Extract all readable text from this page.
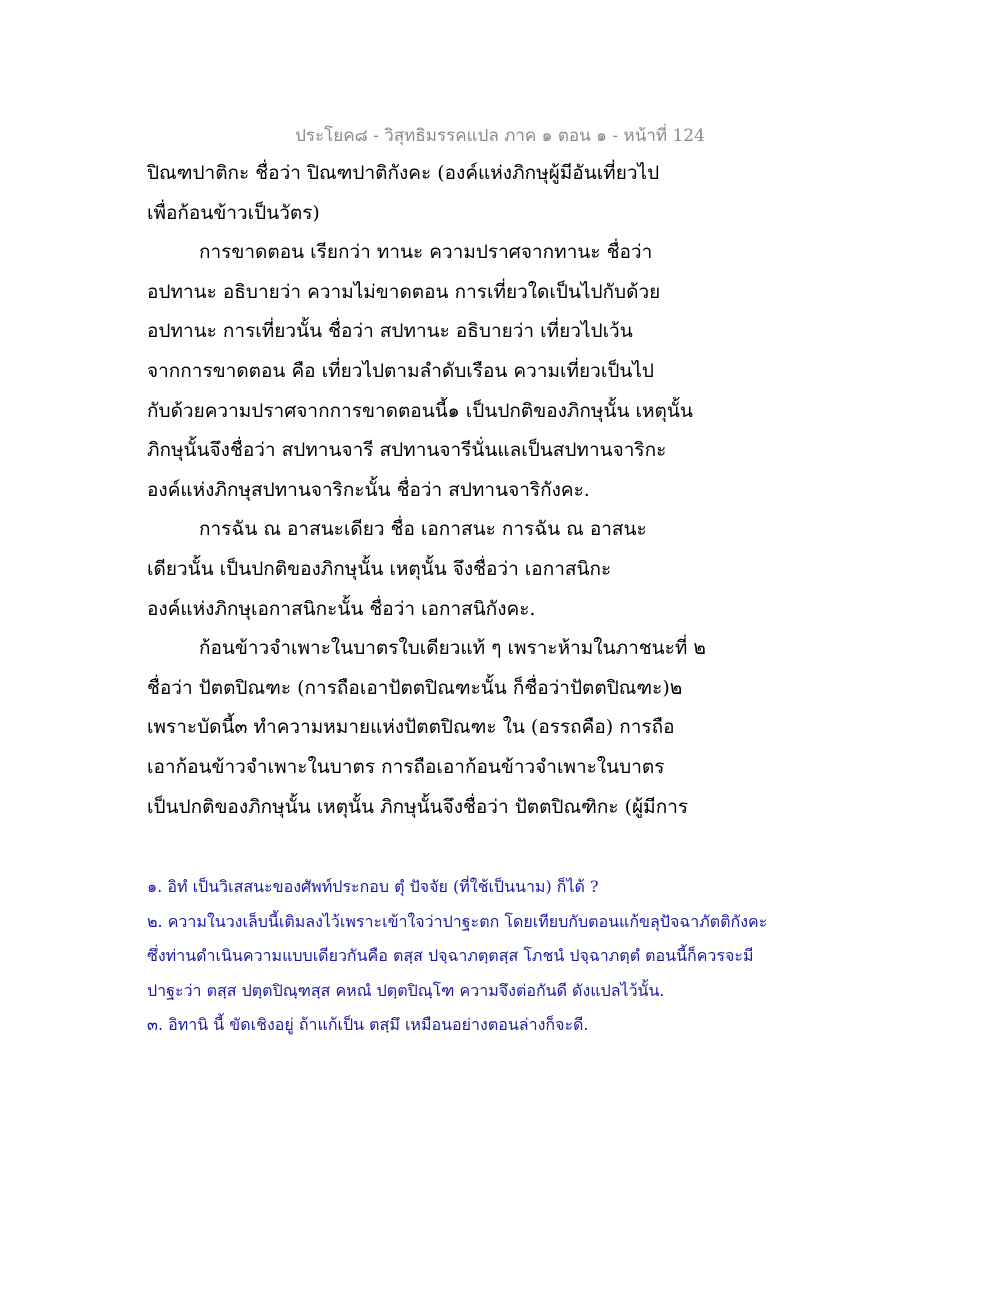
ประโยค๘ - วิสุทธิมรรคแปล ภาค ๑ ตอน ๑ - หน้าที่ 124
ปิณฑปาติกะ ชื่อว่า ปิณฑปาติกังคะ (องค์แห่งภิกษุผู้มีอันเที่ยวไป
เพื่อก้อนข้าวเป็นวัตร)
การขาดตอน เรียกว่า ทานะ ความปราศจากทานะ ชื่อว่า
อปทานะ อธิบายว่า ความไม่ขาดตอน การเที่ยวใดเป็นไปกับด้วย
อปทานะ การเที่ยวนั้น ชื่อว่า สปทานะ อธิบายว่า เที่ยวไปเว้น
จากการขาดตอน คือ เที่ยวไปตามลำดับเรือน ความเที่ยวเป็นไป
กับด้วยความปราศจากการขาดตอนนี้๑ เป็นปกติของภิกษุนั้น เหตุนั้น
ภิกษุนั้นจึงชื่อว่า สปทานจารี สปทานจารีนั่นแลเป็นสปทานจาริกะ
องค์แห่งภิกษุสปทานจาริกะนั้น ชื่อว่า สปทานจาริกังคะ.
การฉัน ณ อาสนะเดียว ชื่อ เอกาสนะ การฉัน ณ อาสนะ
เดียวนั้น เป็นปกติของภิกษุนั้น เหตุนั้น จึงชื่อว่า เอกาสนิกะ
องค์แห่งภิกษุเอกาสนิกะนั้น ชื่อว่า เอกาสนิกังคะ.
ก้อนข้าวจำเพาะในบาตรใบเดียวแท้ ๆ เพราะห้ามในภาชนะที่ ๒
ชื่อว่า ปัตตปิณฑะ (การถือเอาปัตตปิณฑะนั้น ก็ชื่อว่าปัตตปิณฑะ)๒
เพราะบัดนี้๓ ทำความหมายแห่งปัตตปิณฑะ ใน (อรรถคือ) การถือ
เอาก้อนข้าวจำเพาะในบาตร การถือเอาก้อนข้าวจำเพาะในบาตร
เป็นปกติของภิกษุนั้น เหตุนั้น ภิกษุนั้นจึงชื่อว่า ปัตตปิณฑิกะ (ผู้มีการ
๑. อิทํ เป็นวิเสสนะของศัพท์ประกอบ ตุํ ปัจจัย (ที่ใช้เป็นนาม) ก็ได้ ?
๒. ความในวงเล็บนี้เติมลงไว้เพราะเข้าใจว่าปาฐะตก โดยเทียบกับตอนแก้ขลุปัจฉาภัตติกังคะ
ซึ่งท่านดำเนินความแบบเดียวกันคือ ตสฺส ปจฺฉาภตฺตสฺส โภชนํ ปจฺฉาภตฺตํ ตอนนี้ก็ควรจะมี
ปาฐะว่า ตสฺส ปตฺตปิณฺฑสฺส คหณํ ปตฺตปิณฺโฑ ความจึงต่อกันดี ดังแปลไว้นั้น.
๓. อิทานิ นี้ ขัดเชิงอยู่ ถ้าแก้เป็น ตสฺมึ เหมือนอย่างตอนล่างก็จะดี.
